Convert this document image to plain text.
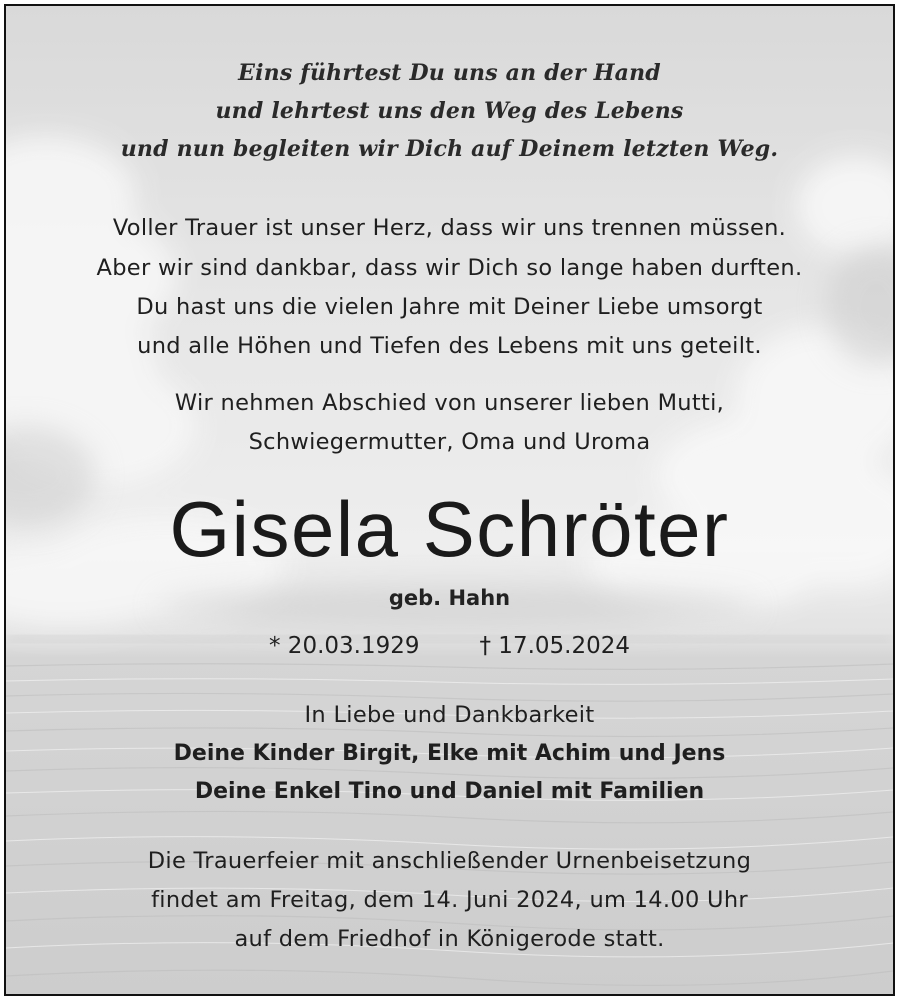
Eins führtest Du uns an der Hand
und lehrtest uns den Weg des Lebens
und nun begleiten wir Dich auf Deinem letzten Weg.
Voller Trauer ist unser Herz, dass wir uns trennen müssen.
Aber wir sind dankbar, dass wir Dich so lange haben durften.
Du hast uns die vielen Jahre mit Deiner Liebe umsorgt
und alle Höhen und Tiefen des Lebens mit uns geteilt.
Wir nehmen Abschied von unserer lieben Mutti,
Schwiegermutter, Oma und Uroma
Gisela Schröter
geb. Hahn
* 20.03.1929	† 17.05.2024
In Liebe und Dankbarkeit
Deine Kinder Birgit, Elke mit Achim und Jens
Deine Enkel Tino und Daniel mit Familien
Die Trauerfeier mit anschließender Urnenbeisetzung
findet am Freitag, dem 14. Juni 2024, um 14.00 Uhr
auf dem Friedhof in Königerode statt.
